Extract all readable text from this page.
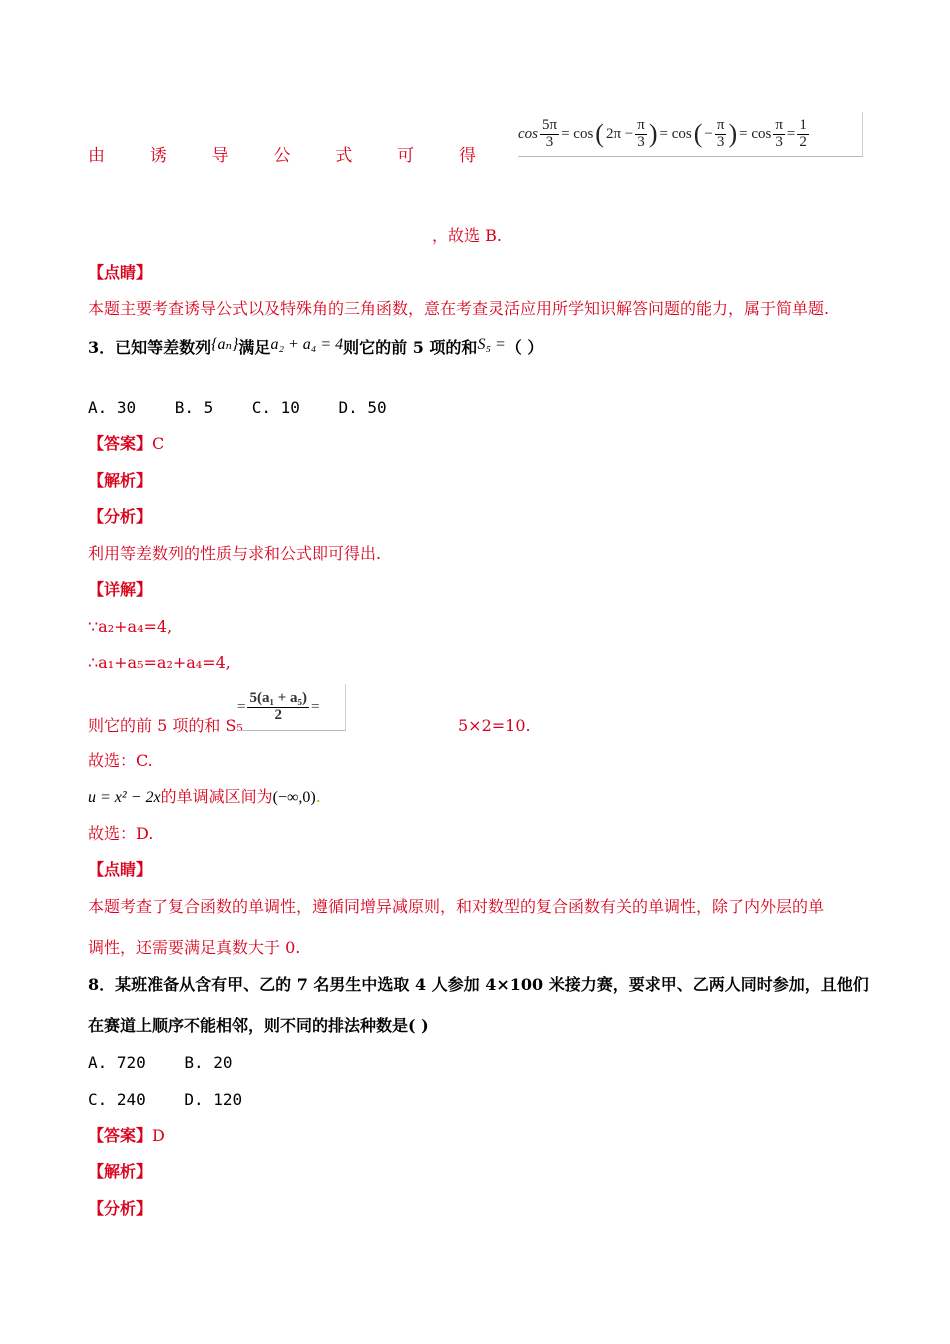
由	诱	导	公	式	可	得
$\cos \frac{5\pi}{3} = \cos$ ( $2\pi - \frac{\pi}{3}$ ) = cos ( − $\frac{\pi}{3}$ ) = $\cos \frac{\pi}{3} = \frac{1}{2}$
，故选 B.
【点睛】
本题主要考查诱导公式以及特殊角的三角函数，意在考查灵活应用所学知识解答问题的能力，属于简单题.
3．已知等差数列{aₙ}满足a₂ + a₄ = 4则它的前 5 项的和S₅ =（ ）
A. 30    B. 5    C. 10    D. 50
【答案】C
【解析】
【分析】
利用等差数列的性质与求和公式即可得出.
【详解】
∵a₂+a₄=4,
∴a₁+a₅=a₂+a₄=4,
则它的前 5 项的和 S₅
= $\frac{\text{5(a₁ + a₅)}}{2}$ =
5×2=10.
故选：C.
u = x² − 2x的单调减区间为(−∞,0).
故选：D.
【点睛】
本题考查了复合函数的单调性，遵循同增异减原则，和对数型的复合函数有关的单调性，除了内外层的单
调性，还需要满足真数大于 0.
8．某班准备从含有甲、乙的 7 名男生中选取 4 人参加 4×100 米接力赛，要求甲、乙两人同时参加，且他们
在赛道上顺序不能相邻，则不同的排法种数是( )
A. 720    B. 20
C. 240    D. 120
【答案】D
【解析】
【分析】
